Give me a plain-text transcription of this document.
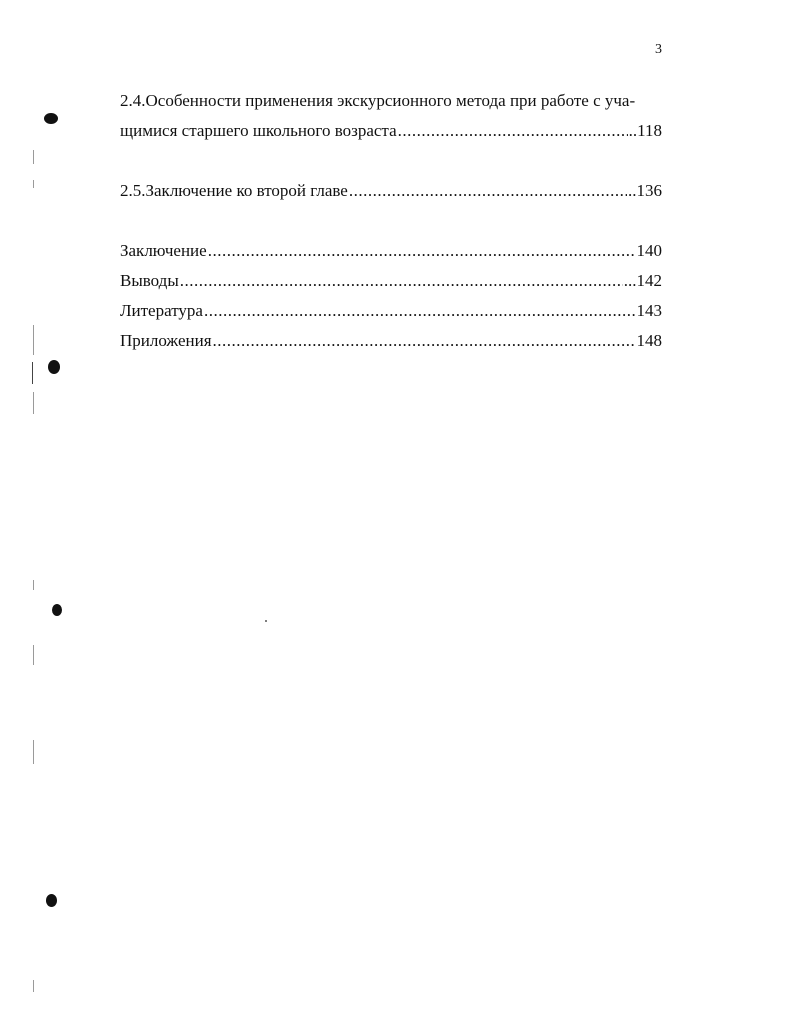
3
2.4.Особенности применения экскурсионного метода при работе с уча-
щимися старшего школьного возраста .....	..118
2.5.Заключение ко второй главе .....	..136
Заключение .....	140
Выводы .....	...142
Литература .....	143
Приложения .....	148
